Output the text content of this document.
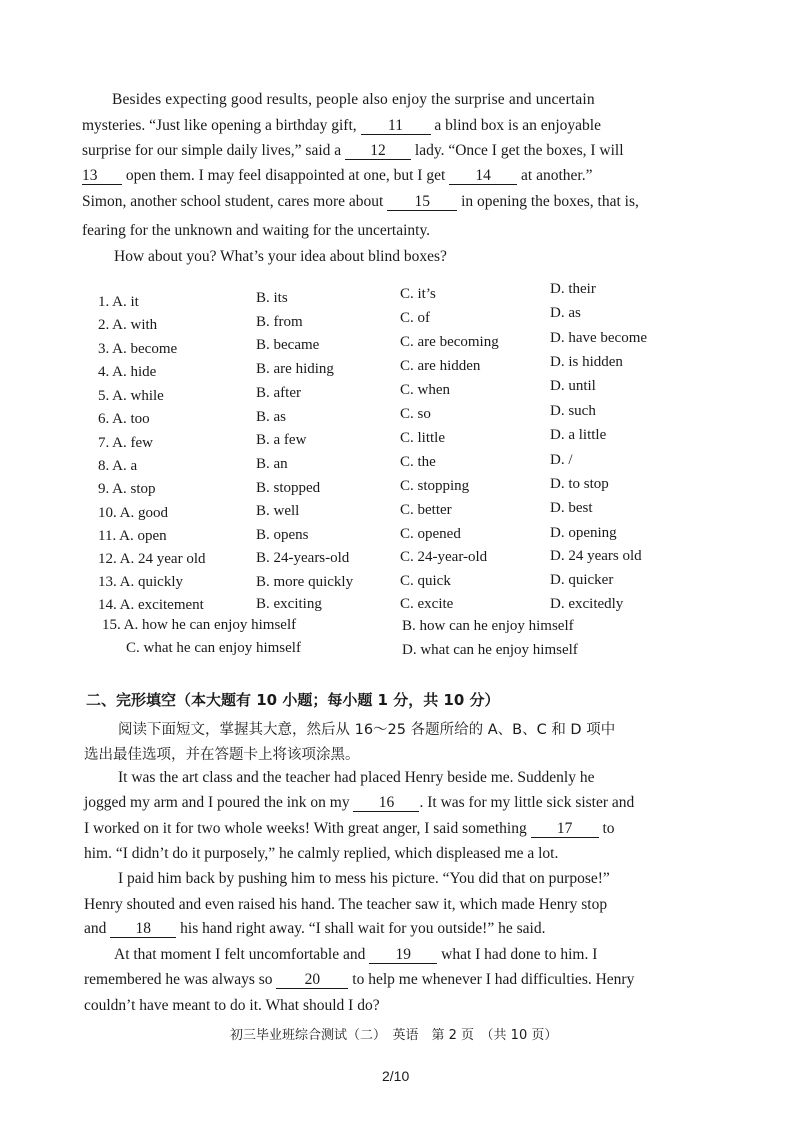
Besides expecting good results, people also enjoy the surprise and uncertain
mysteries. “Just like opening a birthday gift, 11 a blind box is an enjoyable
surprise for our simple daily lives,” said a 12 lady. “Once I get the boxes, I will
13 open them. I may feel disappointed at one, but I get 14 at another.”
Simon, another school student, cares more about 15 in opening the boxes, that is,
fearing for the unknown and waiting for the uncertainty.
How about you? What’s your idea about blind boxes?
1. A. it	B. its	C. it’s	D. their
2. A. with	B. from	C. of	D. as
3. A. become	B. became	C. are becoming	D. have become
4. A. hide	B. are hiding	C. are hidden	D. is hidden
5. A. while	B. after	C. when	D. until
6. A. too	B. as	C. so	D. such
7. A. few	B. a few	C. little	D. a little
8. A. a	B. an	C. the	D. /
9. A. stop	B. stopped	C. stopping	D. to stop
10. A. good	B. well	C. better	D. best
11. A. open	B. opens	C. opened	D. opening
12. A. 24 year old	B. 24-years-old	C. 24-year-old	D. 24 years old
13. A. quickly	B. more quickly	C. quick	D. quicker
14. A. excitement	B. exciting	C. excite	D. excitedly
15. A. how he can enjoy himself	B. how can he enjoy himself
C. what he can enjoy himself	D. what can he enjoy himself
二、完形填空（本大题有 10 小题；每小题 1 分，共 10 分）
阅读下面短文，掌握其大意，然后从 16～25 各题所给的 A、B、C 和 D 项中
选出最佳选项，并在答题卡上将该项涂黑。
It was the art class and the teacher had placed Henry beside me. Suddenly he
jogged my arm and I poured the ink on my 16 . It was for my little sick sister and
I worked on it for two whole weeks! With great anger, I said something 17 to
him. “I didn’t do it purposely,” he calmly replied, which displeased me a lot.
I paid him back by pushing him to mess his picture. “You did that on purpose!”
Henry shouted and even raised his hand. The teacher saw it, which made Henry stop
and 18 his hand right away. “I shall wait for you outside!” he said.
At that moment I felt uncomfortable and 19 what I had done to him. I
remembered he was always so 20 to help me whenever I had difficulties. Henry
couldn’t have meant to do it. What should I do?
初三毕业班综合测试（二）　英语　第 2 页　（共 10 页）
2/10
